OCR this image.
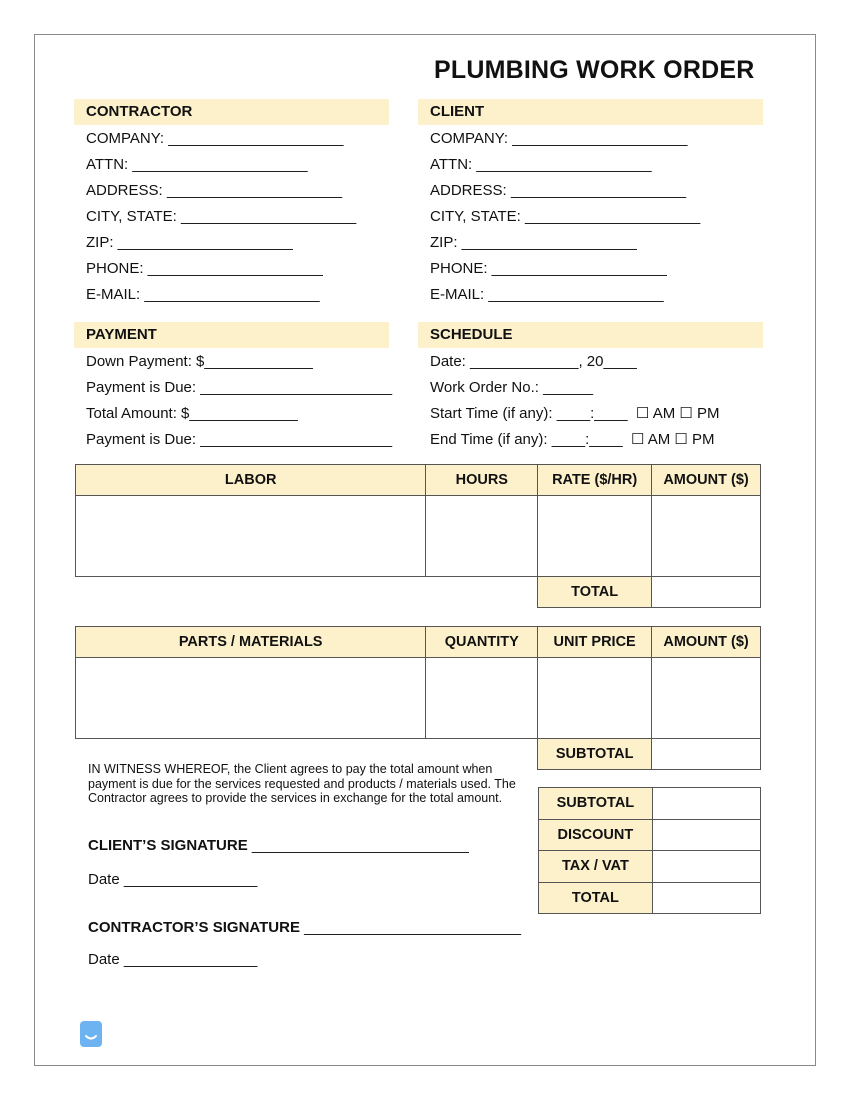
PLUMBING WORK ORDER
CONTRACTOR
COMPANY: _____________________
ATTN: _____________________
ADDRESS: _____________________
CITY, STATE: _____________________
ZIP: _____________________
PHONE: _____________________
E-MAIL: _____________________
CLIENT
COMPANY: _____________________
ATTN: _____________________
ADDRESS: _____________________
CITY, STATE: _____________________
ZIP: _____________________
PHONE: _____________________
E-MAIL: _____________________
PAYMENT
Down Payment: $_____________
Payment is Due: _______________________
Total Amount: $_____________
Payment is Due: _______________________
SCHEDULE
Date: _____________, 20____
Work Order No.: ______
Start Time (if any): ____:____  ☐ AM ☐ PM
End Time (if any): ____:____  ☐ AM ☐ PM
LABOR	HOURS	RATE ($/HR)	AMOUNT ($)

		TOTAL	
PARTS / MATERIALS	QUANTITY	UNIT PRICE	AMOUNT ($)

		SUBTOTAL	
IN WITNESS WHEREOF, the Client agrees to pay the total amount when payment is due for the services requested and products / materials used. The Contractor agrees to provide the services in exchange for the total amount.	SUBTOTAL	
DISCOUNT	
TAX / VAT	
TOTAL	
CLIENT’S SIGNATURE __________________________
Date ________________
CONTRACTOR’S SIGNATURE __________________________
Date ________________
